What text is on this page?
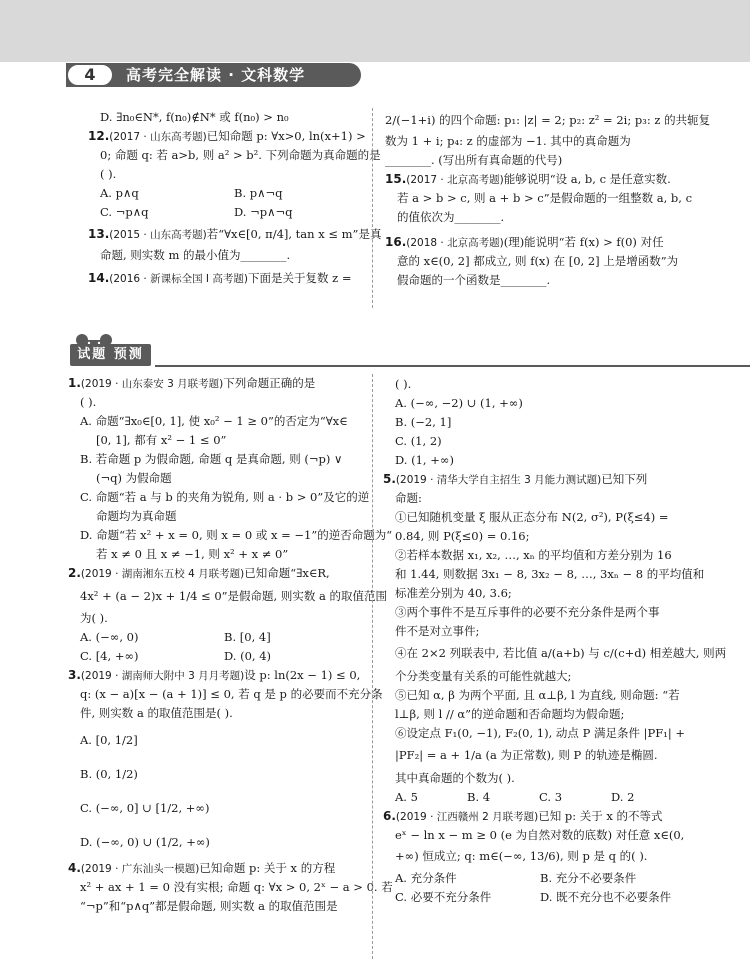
4	高考完全解读 · 文科数学
D. ∃n₀∈N*, f(n₀)∉N* 或 f(n₀) > n₀
12.(2017 · 山东高考题)已知命题 p: ∀x>0, ln(x+1) >
0; 命题 q: 若 a>b, 则 a² > b². 下列命题为真命题的是
( ).
A. p∧q	B. p∧¬q
C. ¬p∧q	D. ¬p∧¬q
13.(2015 · 山东高考题)若“∀x∈[0, π/4], tan x ≤ m”是真
命题, 则实数 m 的最小值为________.
14.(2016 · 新课标全国 I 高考题)下面是关于复数 z =
2/(−1+i) 的四个命题: p₁: |z| = 2; p₂: z² = 2i; p₃: z 的共轭复
数为 1 + i; p₄: z 的虚部为 −1. 其中的真命题为
________. (写出所有真命题的代号)
15.(2017 · 北京高考题)能够说明“设 a, b, c 是任意实数.
若 a > b > c, 则 a + b > c”是假命题的一组整数 a, b, c
的值依次为________.
16.(2018 · 北京高考题)(理)能说明“若 f(x) > f(0) 对任
意的 x∈(0, 2] 都成立, 则 f(x) 在 [0, 2] 上是增函数”为
假命题的一个函数是________.
试题 预测
1.(2019 · 山东泰安 3 月联考题)下列命题正确的是
( ).
A. 命题“∃x₀∈[0, 1], 使 x₀² − 1 ≥ 0”的否定为“∀x∈
[0, 1], 都有 x² − 1 ≤ 0”
B. 若命题 p 为假命题, 命题 q 是真命题, 则 (¬p) ∨
(¬q) 为假命题
C. 命题“若 a 与 b 的夹角为锐角, 则 a · b > 0”及它的逆
命题均为真命题
D. 命题“若 x² + x = 0, 则 x = 0 或 x = −1”的逆否命题为“
若 x ≠ 0 且 x ≠ −1, 则 x² + x ≠ 0”
2.(2019 · 湖南湘东五校 4 月联考题)已知命题“∃x∈R,
4x² + (a − 2)x + 1/4 ≤ 0”是假命题, 则实数 a 的取值范围
为( ).
A. (−∞, 0)	B. [0, 4]
C. [4, +∞)	D. (0, 4)
3.(2019 · 湖南师大附中 3 月月考题)设 p: ln(2x − 1) ≤ 0,
q: (x − a)[x − (a + 1)] ≤ 0, 若 q 是 p 的必要而不充分条
件, 则实数 a 的取值范围是( ).
A. [0, 1/2]
B. (0, 1/2)
C. (−∞, 0] ∪ [1/2, +∞)
D. (−∞, 0) ∪ (1/2, +∞)
4.(2019 · 广东汕头一模题)已知命题 p: 关于 x 的方程
x² + ax + 1 = 0 没有实根; 命题 q: ∀x > 0, 2ˣ − a > 0. 若
“¬p”和“p∧q”都是假命题, 则实数 a 的取值范围是
( ).
A. (−∞, −2) ∪ (1, +∞)
B. (−2, 1]
C. (1, 2)
D. (1, +∞)
5.(2019 · 清华大学自主招生 3 月能力测试题)已知下列
命题:
①已知随机变量 ξ 服从正态分布 N(2, σ²), P(ξ≤4) =
0.84, 则 P(ξ≤0) = 0.16;
②若样本数据 x₁, x₂, …, xₙ 的平均值和方差分别为 16
和 1.44, 则数据 3x₁ − 8, 3x₂ − 8, …, 3xₙ − 8 的平均值和
标准差分别为 40, 3.6;
③两个事件不是互斥事件的必要不充分条件是两个事
件不是对立事件;
④在 2×2 列联表中, 若比值 a/(a+b) 与 c/(c+d) 相差越大, 则两
个分类变量有关系的可能性就越大;
⑤已知 α, β 为两个平面, 且 α⊥β, l 为直线, 则命题: “若
l⊥β, 则 l // α”的逆命题和否命题均为假命题;
⑥设定点 F₁(0, −1), F₂(0, 1), 动点 P 满足条件 |PF₁| +
|PF₂| = a + 1/a (a 为正常数), 则 P 的轨迹是椭圆.
其中真命题的个数为( ).
A. 5	B. 4	C. 3	D. 2
6.(2019 · 江西赣州 2 月联考题)已知 p: 关于 x 的不等式
eˣ − ln x − m ≥ 0 (e 为自然对数的底数) 对任意 x∈(0,
+∞) 恒成立; q: m∈(−∞, 13/6), 则 p 是 q 的( ).
A. 充分条件	B. 充分不必要条件
C. 必要不充分条件	D. 既不充分也不必要条件
